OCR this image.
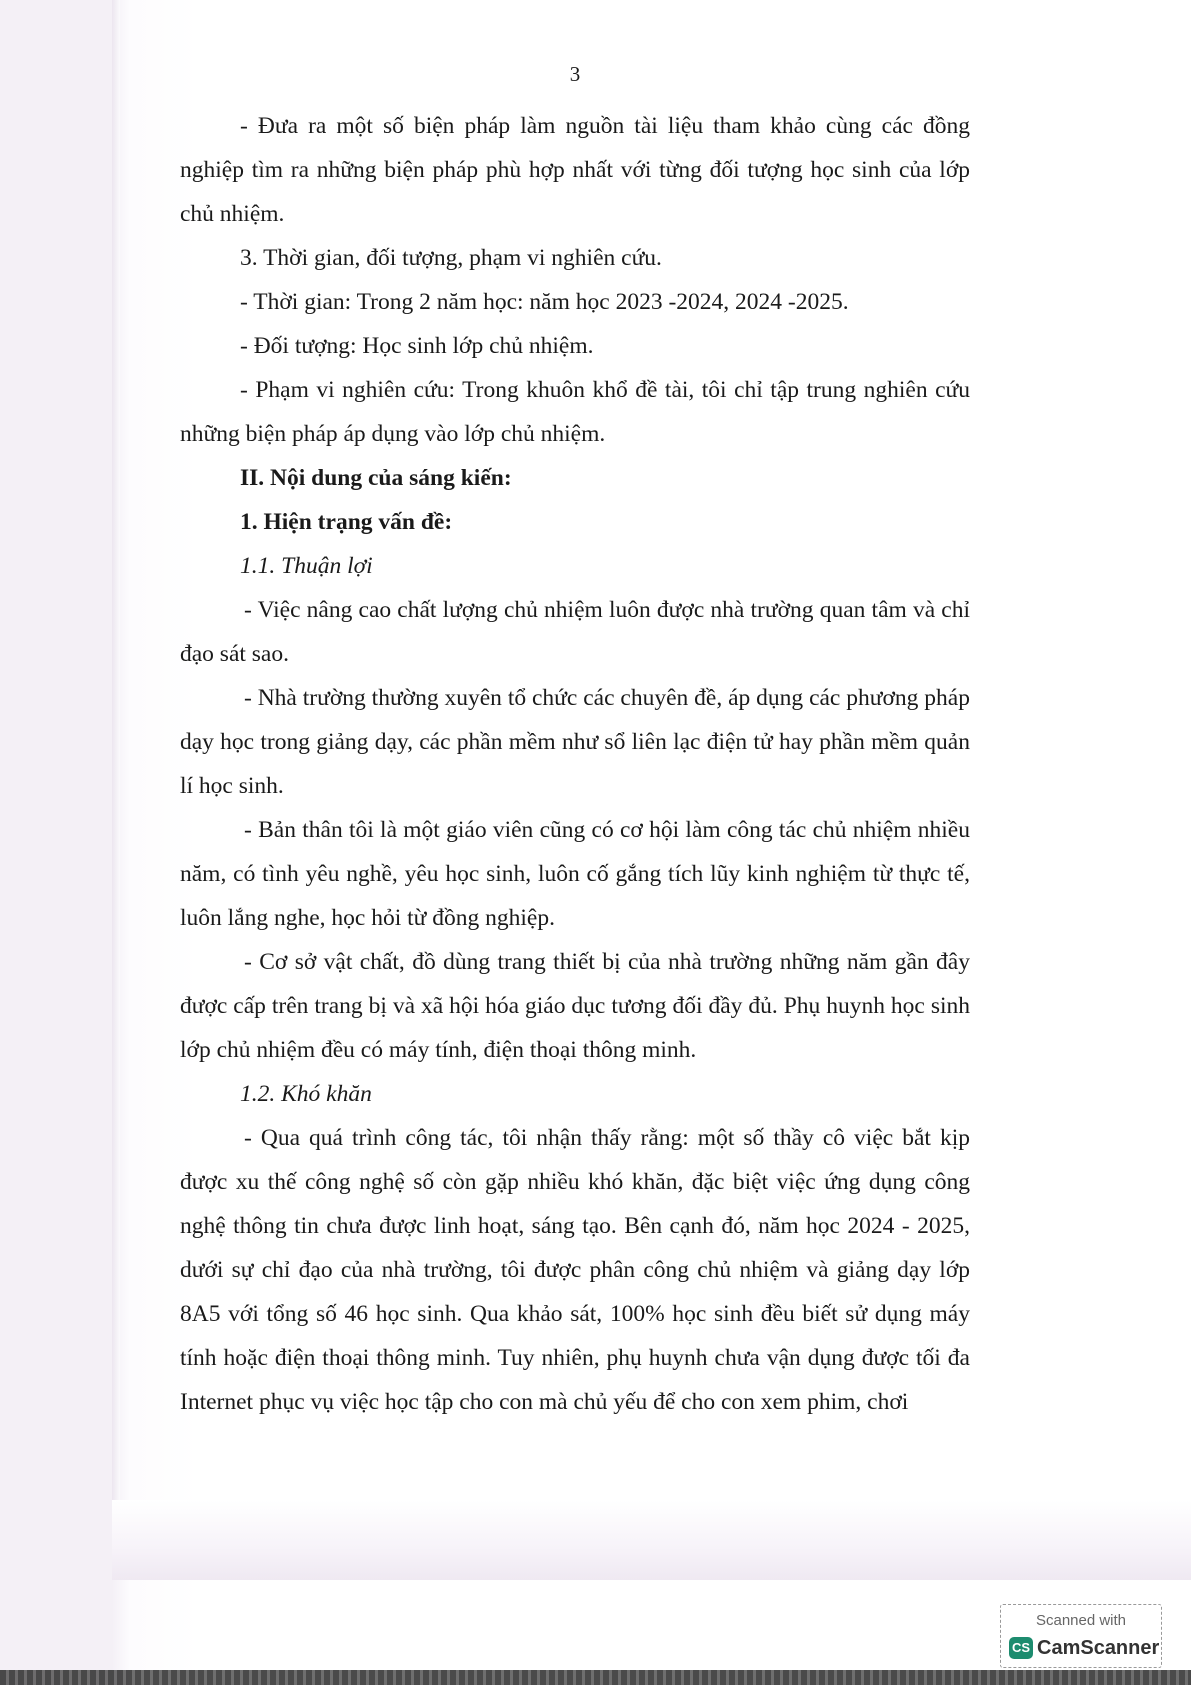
3

- Đưa ra một số biện pháp làm nguồn tài liệu tham khảo cùng các đồng nghiệp tìm ra những biện pháp phù hợp nhất với từng đối tượng học sinh của lớp chủ nhiệm.

3. Thời gian, đối tượng, phạm vi nghiên cứu.

- Thời gian: Trong 2 năm học: năm học 2023 -2024, 2024 -2025.

- Đối tượng: Học sinh lớp chủ nhiệm.

- Phạm vi nghiên cứu: Trong khuôn khổ đề tài, tôi chỉ tập trung nghiên cứu những biện pháp áp dụng vào lớp chủ nhiệm.

II. Nội dung của sáng kiến:

1. Hiện trạng vấn đề:

1.1. Thuận lợi

- Việc nâng cao chất lượng chủ nhiệm luôn được nhà trường quan tâm và chỉ đạo sát sao.

- Nhà trường thường xuyên tổ chức các chuyên đề, áp dụng các phương pháp dạy học trong giảng dạy, các phần mềm như sổ liên lạc điện tử hay phần mềm quản lí học sinh.

- Bản thân tôi là một giáo viên cũng có cơ hội làm công tác chủ nhiệm nhiều năm, có tình yêu nghề, yêu học sinh, luôn cố gắng tích lũy kinh nghiệm từ thực tế, luôn lắng nghe, học hỏi từ đồng nghiệp.

- Cơ sở vật chất, đồ dùng trang thiết bị của nhà trường những năm gần đây được cấp trên trang bị và xã hội hóa giáo dục tương đối đầy đủ. Phụ huynh học sinh lớp chủ nhiệm đều có máy tính, điện thoại thông minh.

1.2. Khó khăn

- Qua quá trình công tác, tôi nhận thấy rằng: một số thầy cô việc bắt kịp được xu thế công nghệ số còn gặp nhiều khó khăn, đặc biệt việc ứng dụng công nghệ thông tin chưa được linh hoạt, sáng tạo. Bên cạnh đó, năm học 2024 - 2025, dưới sự chỉ đạo của nhà trường, tôi được phân công chủ nhiệm và giảng dạy lớp 8A5 với tổng số 46 học sinh. Qua khảo sát, 100% học sinh đều biết sử dụng máy tính hoặc điện thoại thông minh. Tuy nhiên, phụ huynh chưa vận dụng được tối đa Internet phục vụ việc học tập cho con mà chủ yếu để cho con xem phim, chơi

Scanned with
CS CamScanner
